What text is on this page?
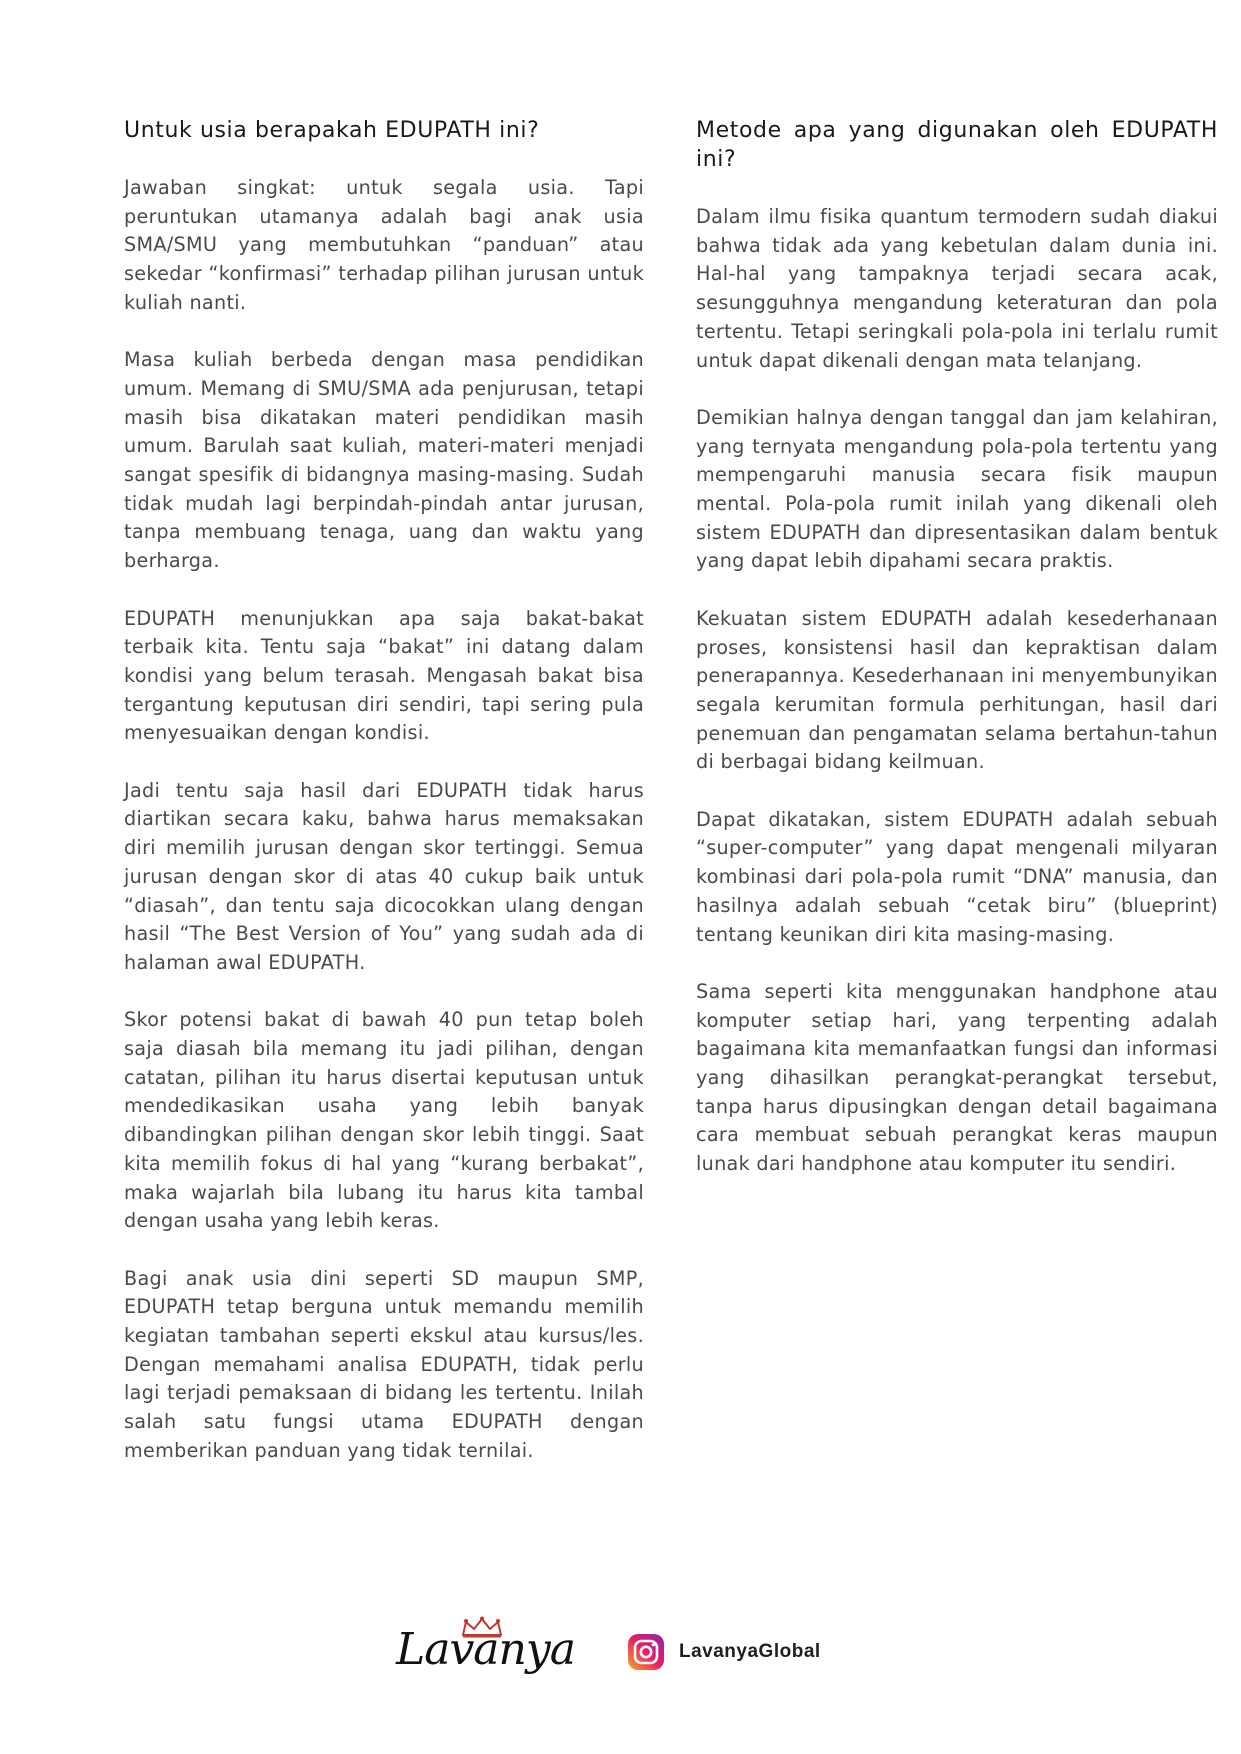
Untuk usia berapakah EDUPATH ini?

Jawaban singkat: untuk segala usia. Tapi peruntukan utamanya adalah bagi anak usia SMA/SMU yang membutuhkan “panduan” atau sekedar “konfirmasi” terhadap pilihan jurusan untuk kuliah nanti.

Masa kuliah berbeda dengan masa pendidikan umum. Memang di SMU/SMA ada penjurusan, tetapi masih bisa dikatakan materi pendidikan masih umum. Barulah saat kuliah, materi-materi menjadi sangat spesifik di bidangnya masing-masing. Sudah tidak mudah lagi berpindah-pindah antar jurusan, tanpa membuang tenaga, uang dan waktu yang berharga.

EDUPATH menunjukkan apa saja bakat-bakat terbaik kita. Tentu saja “bakat” ini datang dalam kondisi yang belum terasah. Mengasah bakat bisa tergantung keputusan diri sendiri, tapi sering pula menyesuaikan dengan kondisi.

Jadi tentu saja hasil dari EDUPATH tidak harus diartikan secara kaku, bahwa harus memaksakan diri memilih jurusan dengan skor tertinggi. Semua jurusan dengan skor di atas 40 cukup baik untuk “diasah”, dan tentu saja dicocokkan ulang dengan hasil “The Best Version of You” yang sudah ada di halaman awal EDUPATH.

Skor potensi bakat di bawah 40 pun tetap boleh saja diasah bila memang itu jadi pilihan, dengan catatan, pilihan itu harus disertai keputusan untuk mendedikasikan usaha yang lebih banyak dibandingkan pilihan dengan skor lebih tinggi. Saat kita memilih fokus di hal yang “kurang berbakat”, maka wajarlah bila lubang itu harus kita tambal dengan usaha yang lebih keras.

Bagi anak usia dini seperti SD maupun SMP, EDUPATH tetap berguna untuk memandu memilih kegiatan tambahan seperti ekskul atau kursus/les. Dengan memahami analisa EDUPATH, tidak perlu lagi terjadi pemaksaan di bidang les tertentu. Inilah salah satu fungsi utama EDUPATH dengan memberikan panduan yang tidak ternilai.

Metode apa yang digunakan oleh EDUPATH ini?

Dalam ilmu fisika quantum termodern sudah diakui bahwa tidak ada yang kebetulan dalam dunia ini. Hal-hal yang tampaknya terjadi secara acak, sesungguhnya mengandung keteraturan dan pola tertentu. Tetapi seringkali pola-pola ini terlalu rumit untuk dapat dikenali dengan mata telanjang.

Demikian halnya dengan tanggal dan jam kelahiran, yang ternyata mengandung pola-pola tertentu yang mempengaruhi manusia secara fisik maupun mental. Pola-pola rumit inilah yang dikenali oleh sistem EDUPATH dan dipresentasikan dalam bentuk yang dapat lebih dipahami secara praktis.

Kekuatan sistem EDUPATH adalah kesederhanaan proses, konsistensi hasil dan kepraktisan dalam penerapannya. Kesederhanaan ini menyembunyikan segala kerumitan formula perhitungan, hasil dari penemuan dan pengamatan selama bertahun-tahun di berbagai bidang keilmuan.

Dapat dikatakan, sistem EDUPATH adalah sebuah “super-computer” yang dapat mengenali milyaran kombinasi dari pola-pola rumit “DNA” manusia, dan hasilnya adalah sebuah “cetak biru” (blueprint) tentang keunikan diri kita masing-masing.

Sama seperti kita menggunakan handphone atau komputer setiap hari, yang terpenting adalah bagaimana kita memanfaatkan fungsi dan informasi yang dihasilkan perangkat-perangkat tersebut, tanpa harus dipusingkan dengan detail bagaimana cara membuat sebuah perangkat keras maupun lunak dari handphone atau komputer itu sendiri.

Lavanya	LavanyaGlobal
